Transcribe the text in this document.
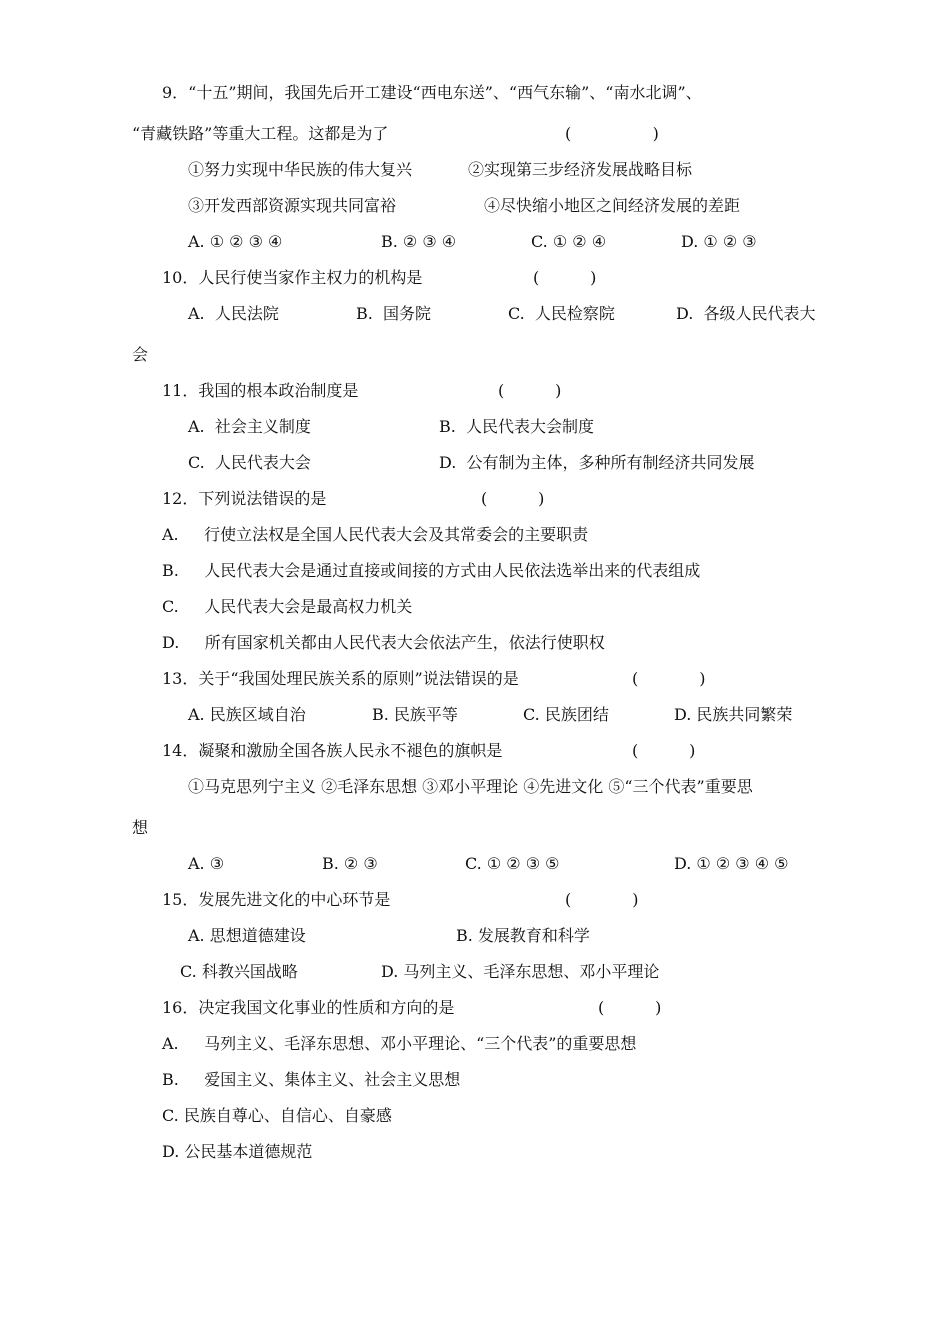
9．“十五”期间，我国先后开工建设“西电东送”、“西气东输”、“南水北调”、
“青藏铁路”等重大工程。这都是为了	(                )
①努力实现中华民族的伟大复兴	②实现第三步经济发展战略目标
③开发西部资源实现共同富裕	④尽快缩小地区之间经济发展的差距
A. ① ② ③ ④	B. ② ③ ④	C. ① ② ④	D. ① ② ③
10．人民行使当家作主权力的机构是	(          )
A.  人民法院	B.  国务院	C.  人民检察院	D.  各级人民代表大
会
11．我国的根本政治制度是	(          )
A.  社会主义制度	B.  人民代表大会制度
C.  人民代表大会	D.  公有制为主体，多种所有制经济共同发展
12．下列说法错误的是	(          )
A.     行使立法权是全国人民代表大会及其常委会的主要职责
B.     人民代表大会是通过直接或间接的方式由人民依法选举出来的代表组成
C.     人民代表大会是最高权力机关
D.     所有国家机关都由人民代表大会依法产生，依法行使职权
13．关于“我国处理民族关系的原则”说法错误的是	(            )
A. 民族区域自治	B. 民族平等	C. 民族团结	D. 民族共同繁荣
14．凝聚和激励全国各族人民永不褪色的旗帜是	(          )
①马克思列宁主义 ②毛泽东思想 ③邓小平理论 ④先进文化 ⑤“三个代表”重要思
想
A. ③	B. ② ③	C. ① ② ③ ⑤	D. ① ② ③ ④ ⑤
15．发展先进文化的中心环节是	(            )
A. 思想道德建设	B. 发展教育和科学
C. 科教兴国战略	D. 马列主义、毛泽东思想、邓小平理论
16．决定我国文化事业的性质和方向的是	(          )
A.     马列主义、毛泽东思想、邓小平理论、“三个代表”的重要思想
B.     爱国主义、集体主义、社会主义思想
C. 民族自尊心、自信心、自豪感
D. 公民基本道德规范
